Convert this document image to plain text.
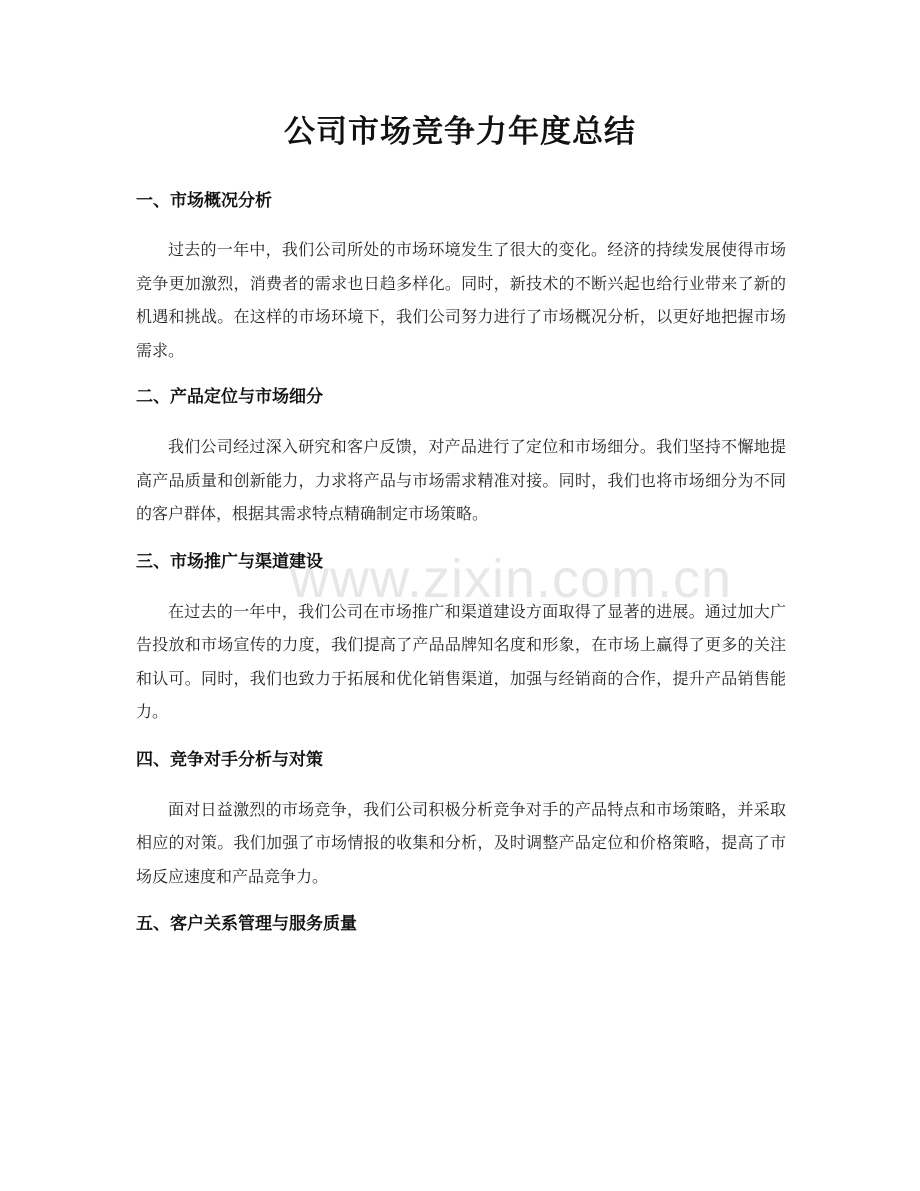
公司市场竞争力年度总结
一、市场概况分析

过去的一年中，我们公司所处的市场环境发生了很大的变化。经济的持续发展使得市场竞争更加激烈，消费者的需求也日趋多样化。同时，新技术的不断兴起也给行业带来了新的机遇和挑战。在这样的市场环境下，我们公司努力进行了市场概况分析，以更好地把握市场需求。

二、产品定位与市场细分

我们公司经过深入研究和客户反馈，对产品进行了定位和市场细分。我们坚持不懈地提高产品质量和创新能力，力求将产品与市场需求精准对接。同时，我们也将市场细分为不同的客户群体，根据其需求特点精确制定市场策略。

三、市场推广与渠道建设

在过去的一年中，我们公司在市场推广和渠道建设方面取得了显著的进展。通过加大广告投放和市场宣传的力度，我们提高了产品品牌知名度和形象，在市场上赢得了更多的关注和认可。同时，我们也致力于拓展和优化销售渠道，加强与经销商的合作，提升产品销售能力。

四、竞争对手分析与对策

面对日益激烈的市场竞争，我们公司积极分析竞争对手的产品特点和市场策略，并采取相应的对策。我们加强了市场情报的收集和分析，及时调整产品定位和价格策略，提高了市场反应速度和产品竞争力。

五、客户关系管理与服务质量
www.zixin.com.cn
